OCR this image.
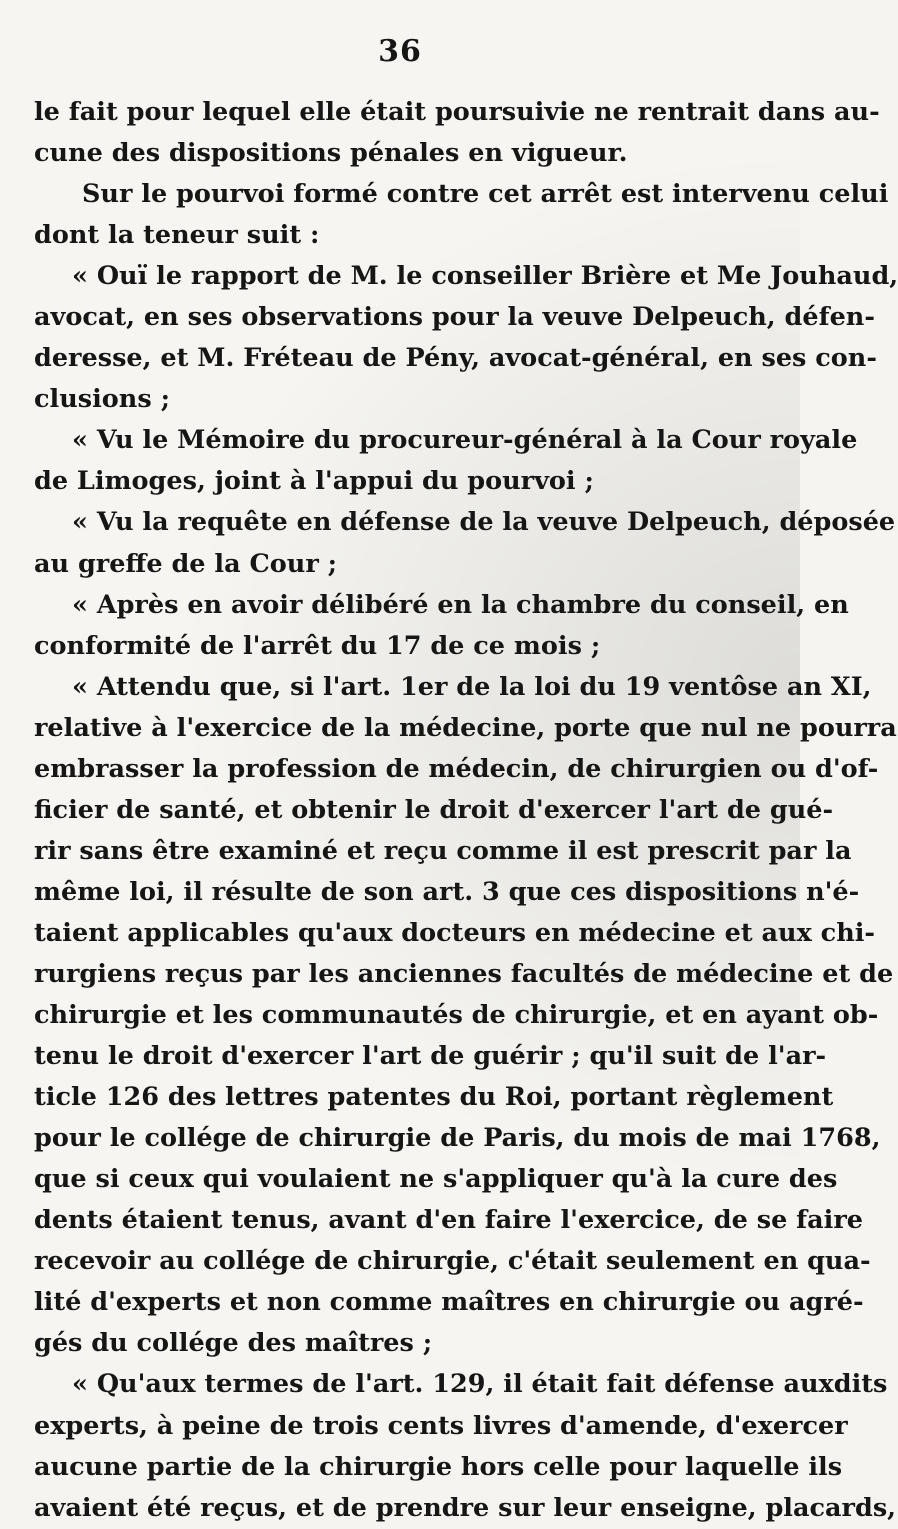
36
le fait pour lequel elle était poursuivie ne rentrait dans au-
cune des dispositions pénales en vigueur.
Sur le pourvoi formé contre cet arrêt est intervenu celui
dont la teneur suit :
« Ouï le rapport de M. le conseiller Brière et Me Jouhaud,
avocat, en ses observations pour la veuve Delpeuch, défen-
deresse, et M. Fréteau de Pény, avocat-général, en ses con-
clusions ;
« Vu le Mémoire du procureur-général à la Cour royale
de Limoges, joint à l'appui du pourvoi ;
« Vu la requête en défense de la veuve Delpeuch, déposée
au greffe de la Cour ;
« Après en avoir délibéré en la chambre du conseil, en
conformité de l'arrêt du 17 de ce mois ;
« Attendu que, si l'art. 1er de la loi du 19 ventôse an XI,
relative à l'exercice de la médecine, porte que nul ne pourra
embrasser la profession de médecin, de chirurgien ou d'of-
ficier de santé, et obtenir le droit d'exercer l'art de gué-
rir sans être examiné et reçu comme il est prescrit par la
même loi, il résulte de son art. 3 que ces dispositions n'é-
taient applicables qu'aux docteurs en médecine et aux chi-
rurgiens reçus par les anciennes facultés de médecine et de
chirurgie et les communautés de chirurgie, et en ayant ob-
tenu le droit d'exercer l'art de guérir ; qu'il suit de l'ar-
ticle 126 des lettres patentes du Roi, portant règlement
pour le collége de chirurgie de Paris, du mois de mai 1768,
que si ceux qui voulaient ne s'appliquer qu'à la cure des
dents étaient tenus, avant d'en faire l'exercice, de se faire
recevoir au collége de chirurgie, c'était seulement en qua-
lité d'experts et non comme maîtres en chirurgie ou agré-
gés du collége des maîtres ;
« Qu'aux termes de l'art. 129, il était fait défense auxdits
experts, à peine de trois cents livres d'amende, d'exercer
aucune partie de la chirurgie hors celle pour laquelle ils
avaient été reçus, et de prendre sur leur enseigne, placards,
